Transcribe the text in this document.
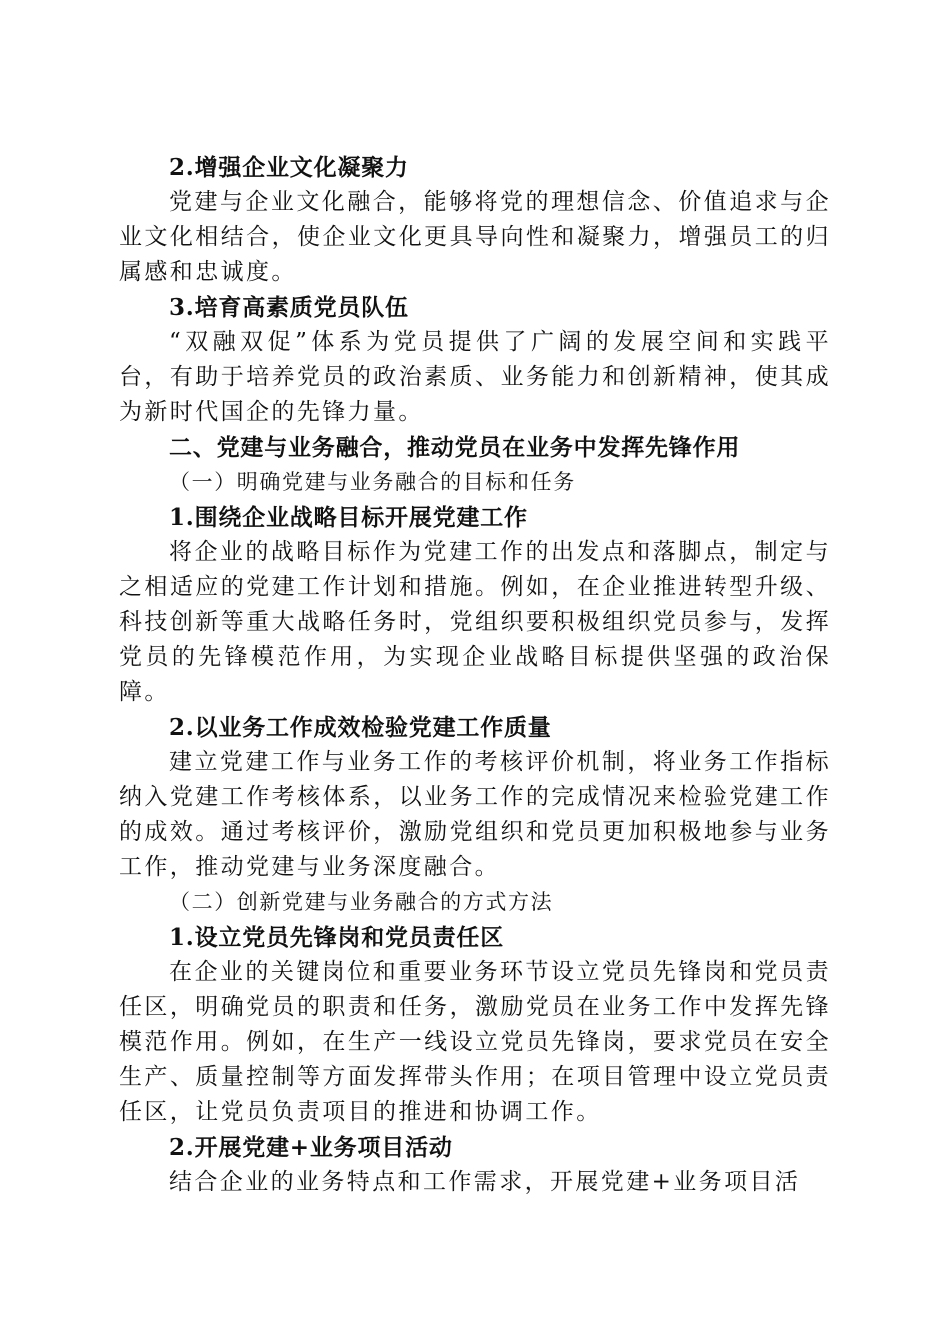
2.增强企业文化凝聚力

党建与企业文化融合，能够将党的理想信念、价值追求与企业文化相结合，使企业文化更具导向性和凝聚力，增强员工的归属感和忠诚度。

3.培育高素质党员队伍

“双融双促”体系为党员提供了广阔的发展空间和实践平台，有助于培养党员的政治素质、业务能力和创新精神，使其成为新时代国企的先锋力量。

二、党建与业务融合，推动党员在业务中发挥先锋作用

（一）明确党建与业务融合的目标和任务

1.围绕企业战略目标开展党建工作

将企业的战略目标作为党建工作的出发点和落脚点，制定与之相适应的党建工作计划和措施。例如，在企业推进转型升级、科技创新等重大战略任务时，党组织要积极组织党员参与，发挥党员的先锋模范作用，为实现企业战略目标提供坚强的政治保障。

2.以业务工作成效检验党建工作质量

建立党建工作与业务工作的考核评价机制，将业务工作指标纳入党建工作考核体系，以业务工作的完成情况来检验党建工作的成效。通过考核评价，激励党组织和党员更加积极地参与业务工作，推动党建与业务深度融合。

（二）创新党建与业务融合的方式方法

1.设立党员先锋岗和党员责任区

在企业的关键岗位和重要业务环节设立党员先锋岗和党员责任区，明确党员的职责和任务，激励党员在业务工作中发挥先锋模范作用。例如，在生产一线设立党员先锋岗，要求党员在安全生产、质量控制等方面发挥带头作用；在项目管理中设立党员责任区，让党员负责项目的推进和协调工作。

2.开展党建+业务项目活动

结合企业的业务特点和工作需求，开展党建+业务项目活
